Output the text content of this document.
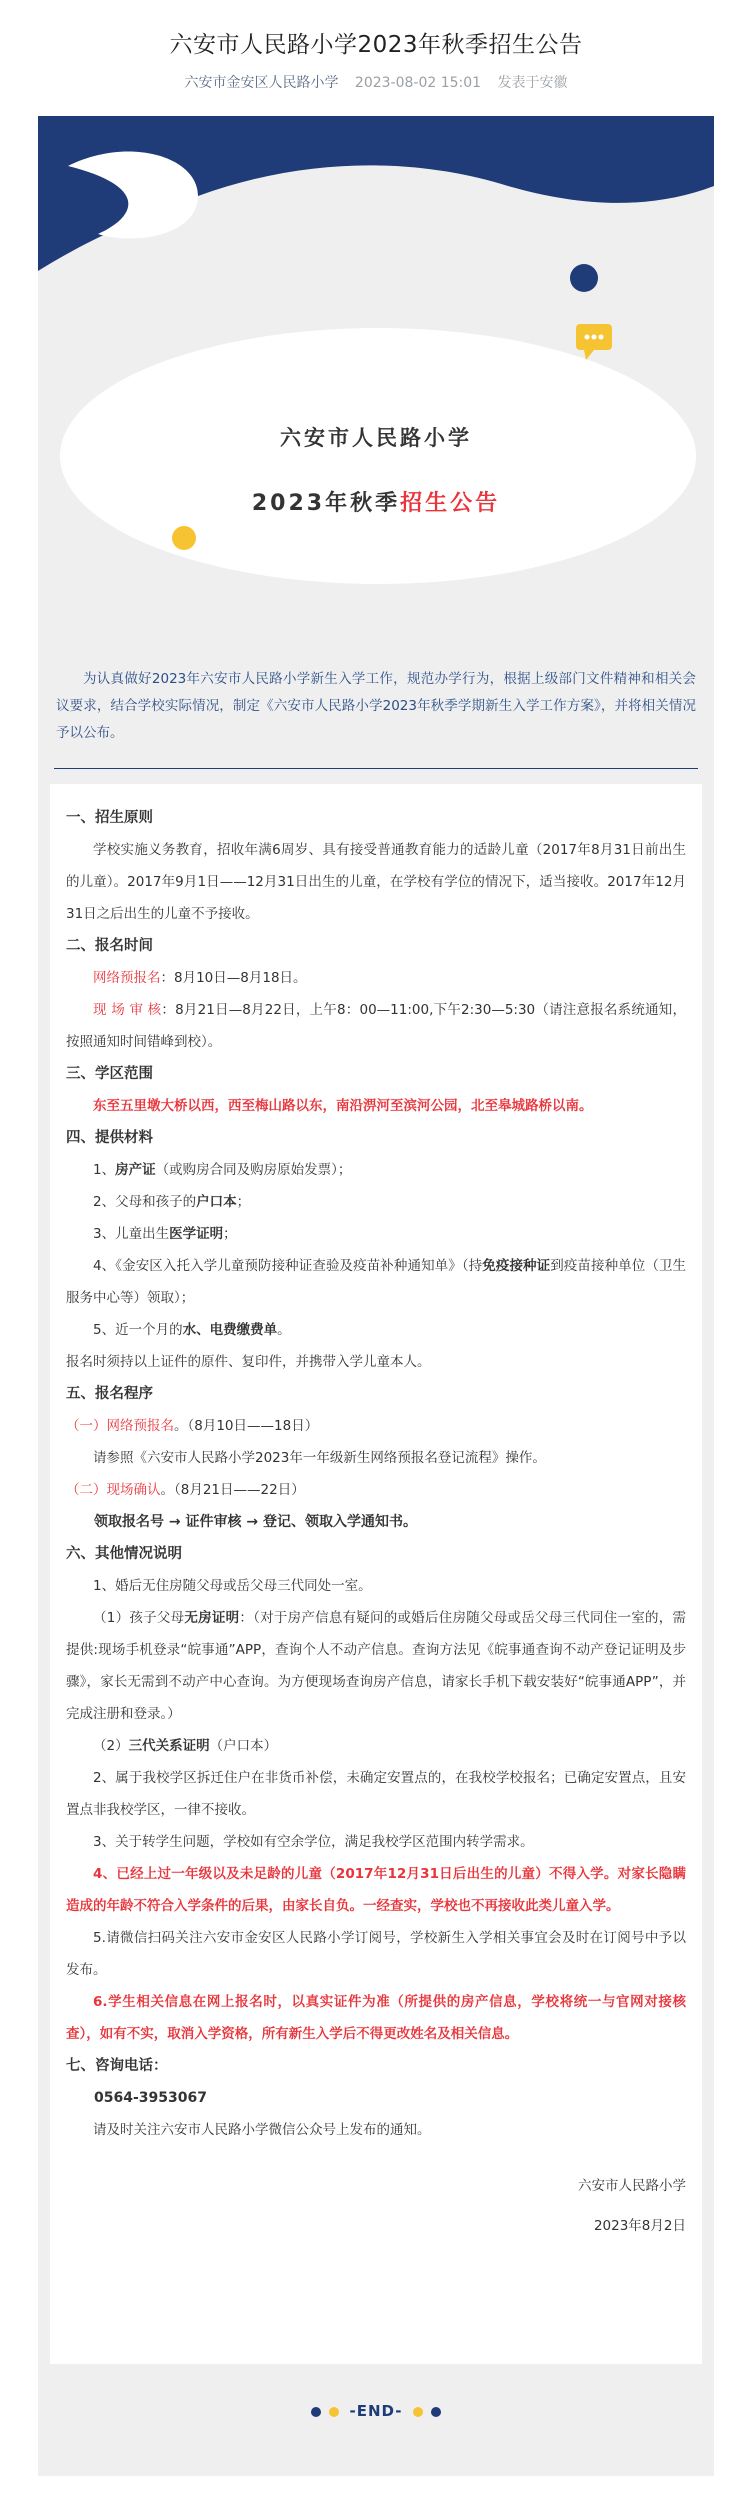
六安市人民路小学2023年秋季招生公告
六安市金安区人民路小学 2023-08-02 15:01 发表于安徽
六安市人民路小学
2023年秋季招生公告
为认真做好2023年六安市人民路小学新生入学工作，规范办学行为，根据上级部门文件精神和相关会议要求，结合学校实际情况，制定《六安市人民路小学2023年秋季学期新生入学工作方案》，并将相关情况予以公布。

一、招生原则

学校实施义务教育，招收年满6周岁、具有接受普通教育能力的适龄儿童（2017年8月31日前出生的儿童）。2017年9月1日——12月31日出生的儿童，在学校有学位的情况下，适当接收。2017年12月31日之后出生的儿童不予接收。

二、报名时间

网络预报名：8月10日—8月18日。

现 场 审 核：8月21日—8月22日，上午8：00—11:00,下午2:30—5:30（请注意报名系统通知，按照通知时间错峰到校）。

三、学区范围

东至五里墩大桥以西，西至梅山路以东，南沿淠河至滨河公园，北至皋城路桥以南。

四、提供材料

1、房产证（或购房合同及购房原始发票）；

2、父母和孩子的户口本；

3、儿童出生医学证明；

4、《金安区入托入学儿童预防接种证查验及疫苗补种通知单》（持免疫接种证到疫苗接种单位（卫生服务中心等）领取）；

5、近一个月的水、电费缴费单。

报名时须持以上证件的原件、复印件，并携带入学儿童本人。

五、报名程序

（一）网络预报名。（8月10日——18日）

请参照《六安市人民路小学2023年一年级新生网络预报名登记流程》操作。

（二）现场确认。（8月21日——22日）

领取报名号 → 证件审核 → 登记、领取入学通知书。

六、其他情况说明

1、婚后无住房随父母或岳父母三代同处一室。

（1）孩子父母无房证明：（对于房产信息有疑问的或婚后住房随父母或岳父母三代同住一室的，需提供:现场手机登录“皖事通”APP，查询个人不动产信息。查询方法见《皖事通查询不动产登记证明及步骤》，家长无需到不动产中心查询。为方便现场查询房产信息，请家长手机下载安装好“皖事通APP”，并完成注册和登录。）

（2）三代关系证明（户口本）

2、属于我校学区拆迁住户在非货币补偿，未确定安置点的，在我校学校报名；已确定安置点，且安置点非我校学区，一律不接收。

3、关于转学生问题，学校如有空余学位，满足我校学区范围内转学需求。

4、已经上过一年级以及未足龄的儿童（2017年12月31日后出生的儿童）不得入学。对家长隐瞒造成的年龄不符合入学条件的后果，由家长自负。一经查实，学校也不再接收此类儿童入学。

5.请微信扫码关注六安市金安区人民路小学订阅号，学校新生入学相关事宜会及时在订阅号中予以发布。

6.学生相关信息在网上报名时，以真实证件为准（所提供的房产信息，学校将统一与官网对接核查），如有不实，取消入学资格，所有新生入学后不得更改姓名及相关信息。

七、咨询电话：

0564-3953067

请及时关注六安市人民路小学微信公众号上发布的通知。

六安市人民路小学

2023年8月2日

-END-
